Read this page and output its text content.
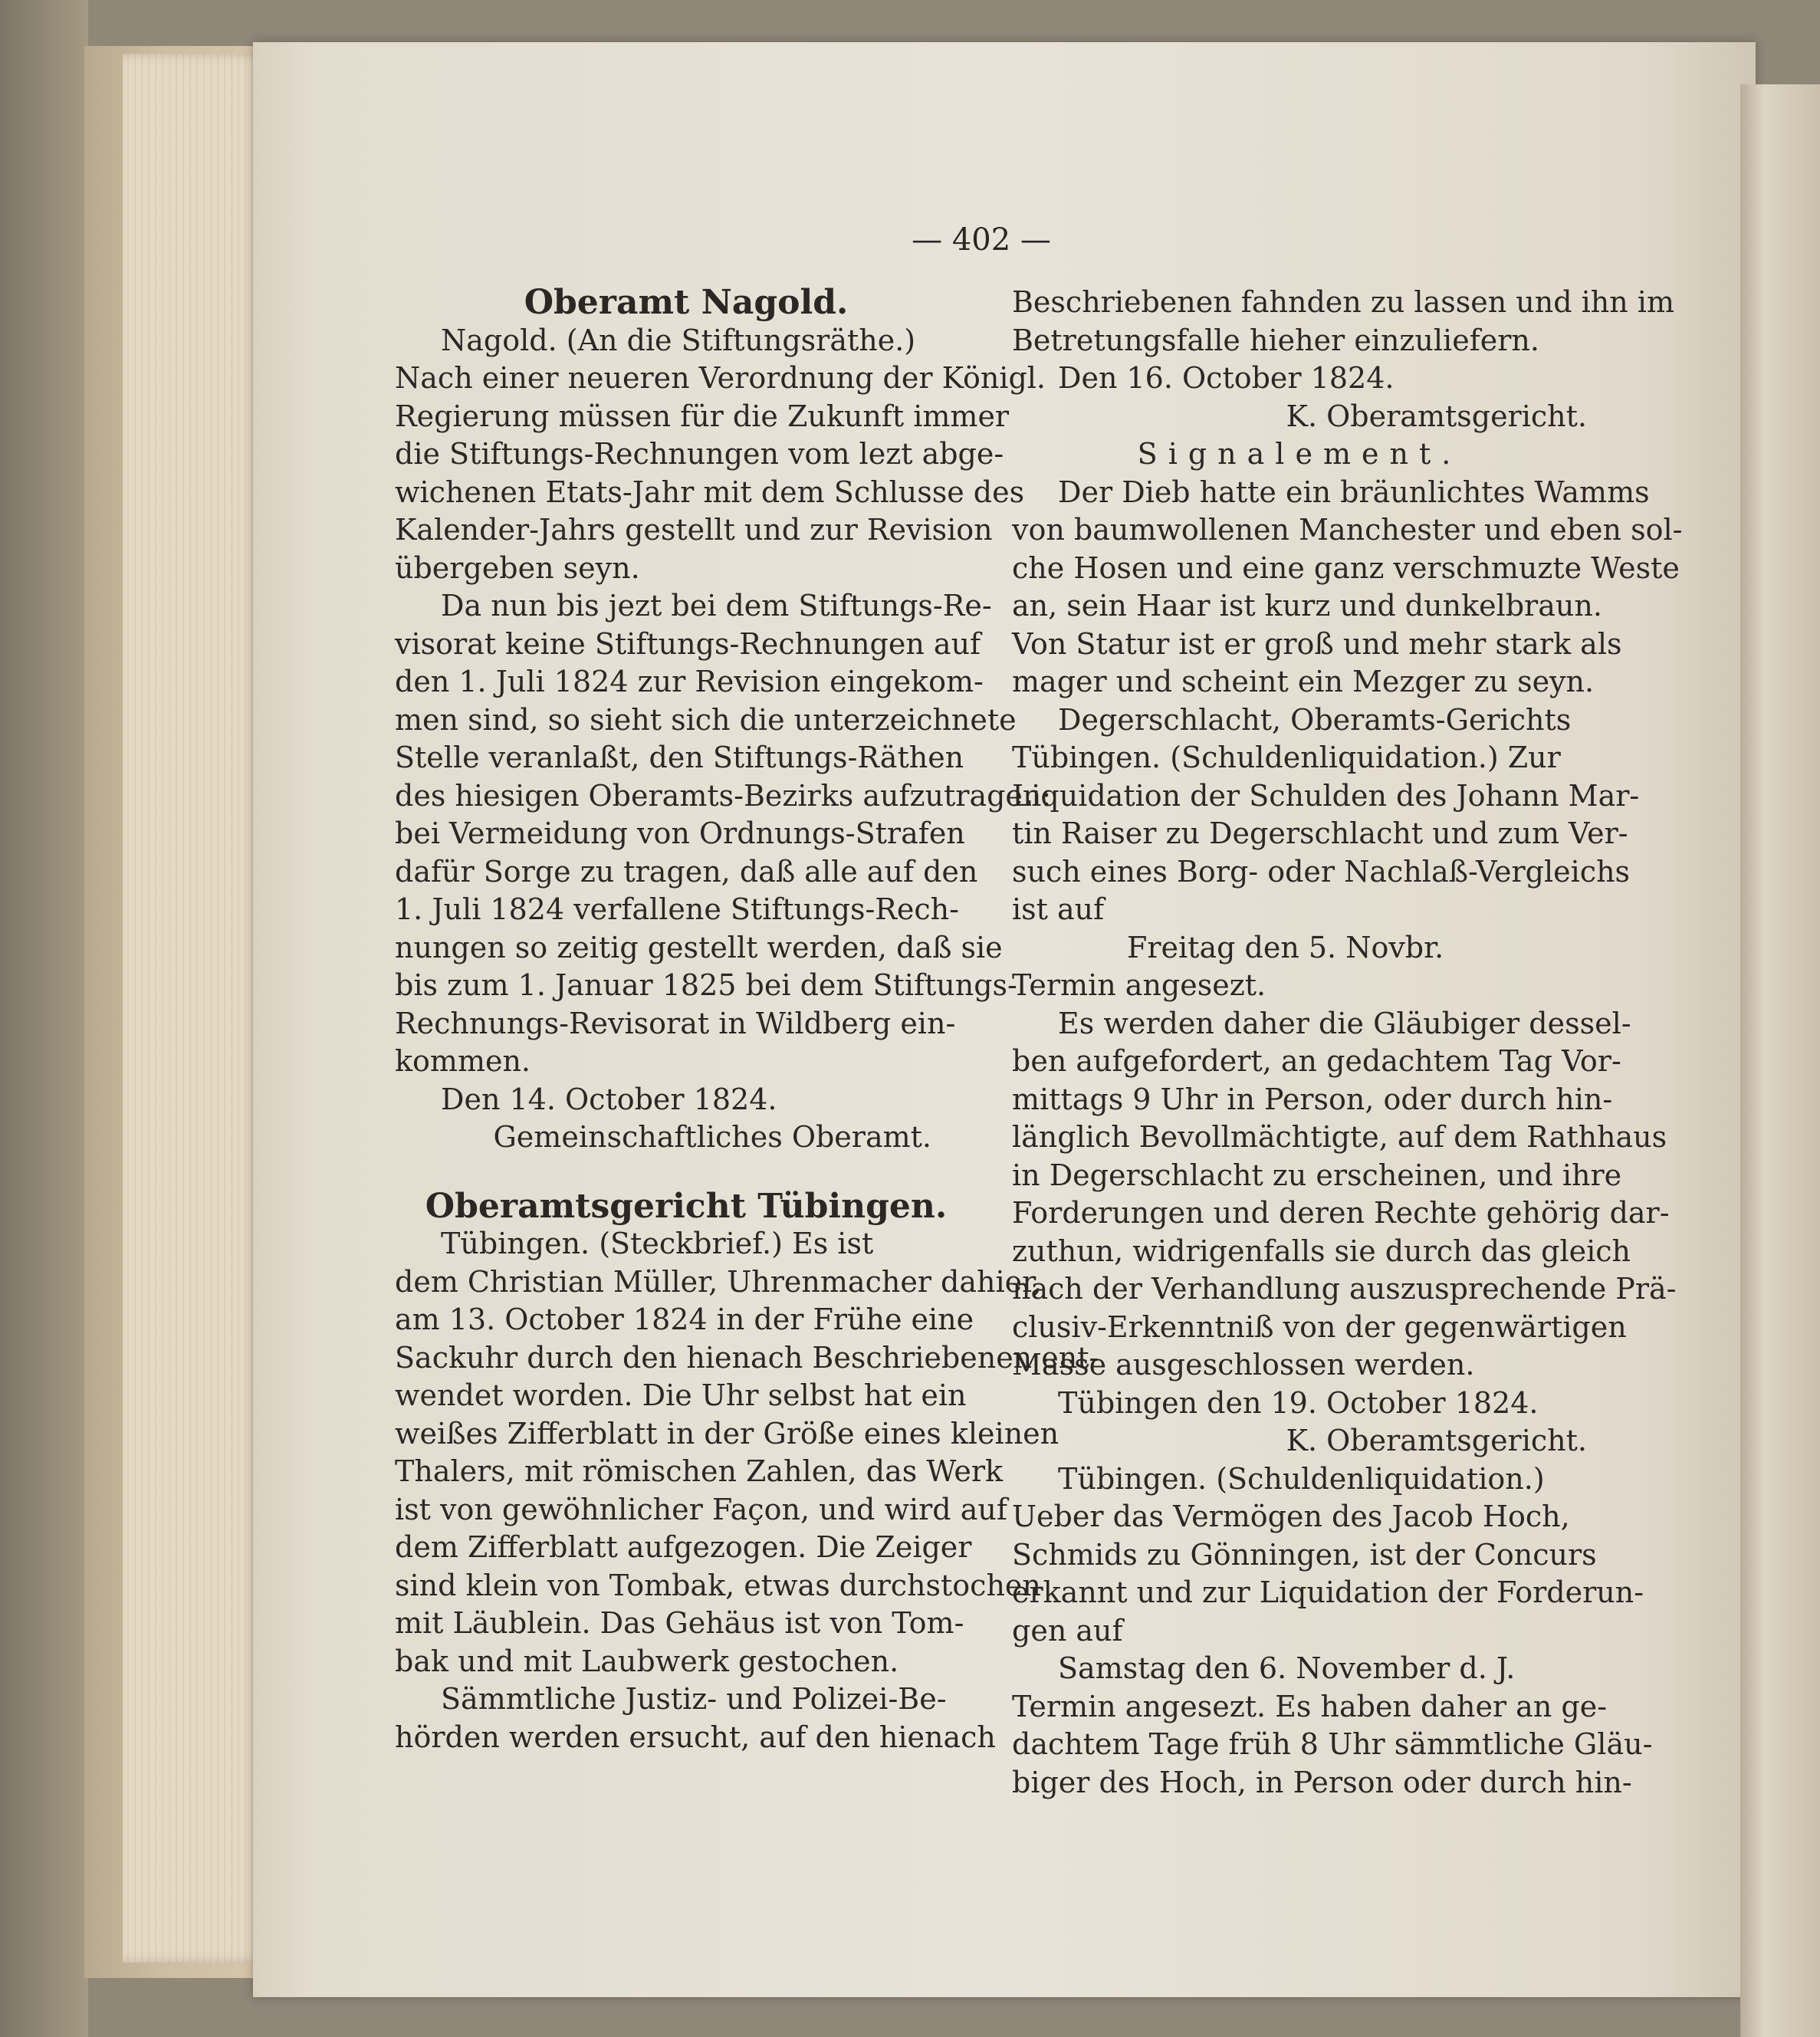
— 402 —
Oberamt Nagold.
Nagold. (An die Stiftungsräthe.)
Nach einer neueren Verordnung der Königl.
Regierung müssen für die Zukunft immer
die Stiftungs-Rechnungen vom lezt abge-
wichenen Etats-Jahr mit dem Schlusse des
Kalender-Jahrs gestellt und zur Revision
übergeben seyn.
Da nun bis jezt bei dem Stiftungs-Re-
visorat keine Stiftungs-Rechnungen auf
den 1. Juli 1824 zur Revision eingekom-
men sind, so sieht sich die unterzeichnete
Stelle veranlaßt, den Stiftungs-Räthen
des hiesigen Oberamts-Bezirks aufzutragen:
bei Vermeidung von Ordnungs-Strafen
dafür Sorge zu tragen, daß alle auf den
1. Juli 1824 verfallene Stiftungs-Rech-
nungen so zeitig gestellt werden, daß sie
bis zum 1. Januar 1825 bei dem Stiftungs-
Rechnungs-Revisorat in Wildberg ein-
kommen.
Den 14. October 1824.
Gemeinschaftliches Oberamt.
Oberamtsgericht Tübingen.
Tübingen. (Steckbrief.) Es ist
dem Christian Müller, Uhrenmacher dahier,
am 13. October 1824 in der Frühe eine
Sackuhr durch den hienach Beschriebenen ent-
wendet worden. Die Uhr selbst hat ein
weißes Zifferblatt in der Größe eines kleinen
Thalers, mit römischen Zahlen, das Werk
ist von gewöhnlicher Façon, und wird auf
dem Zifferblatt aufgezogen. Die Zeiger
sind klein von Tombak, etwas durchstochen
mit Läublein. Das Gehäus ist von Tom-
bak und mit Laubwerk gestochen.
Sämmtliche Justiz- und Polizei-Be-
hörden werden ersucht, auf den hienach
Beschriebenen fahnden zu lassen und ihn im
Betretungsfalle hieher einzuliefern.
Den 16. October 1824.
K. Oberamtsgericht.
Signalement.
Der Dieb hatte ein bräunlichtes Wamms
von baumwollenen Manchester und eben sol-
che Hosen und eine ganz verschmuzte Weste
an, sein Haar ist kurz und dunkelbraun.
Von Statur ist er groß und mehr stark als
mager und scheint ein Mezger zu seyn.
Degerschlacht, Oberamts-Gerichts
Tübingen. (Schuldenliquidation.) Zur
Liquidation der Schulden des Johann Mar-
tin Raiser zu Degerschlacht und zum Ver-
such eines Borg- oder Nachlaß-Vergleichs
ist auf
Freitag den 5. Novbr.
Termin angesezt.
Es werden daher die Gläubiger dessel-
ben aufgefordert, an gedachtem Tag Vor-
mittags 9 Uhr in Person, oder durch hin-
länglich Bevollmächtigte, auf dem Rathhaus
in Degerschlacht zu erscheinen, und ihre
Forderungen und deren Rechte gehörig dar-
zuthun, widrigenfalls sie durch das gleich
nach der Verhandlung auszusprechende Prä-
clusiv-Erkenntniß von der gegenwärtigen
Masse ausgeschlossen werden.
Tübingen den 19. October 1824.
K. Oberamtsgericht.
Tübingen. (Schuldenliquidation.)
Ueber das Vermögen des Jacob Hoch,
Schmids zu Gönningen, ist der Concurs
erkannt und zur Liquidation der Forderun-
gen auf
Samstag den 6. November d. J.
Termin angesezt. Es haben daher an ge-
dachtem Tage früh 8 Uhr sämmtliche Gläu-
biger des Hoch, in Person oder durch hin-
